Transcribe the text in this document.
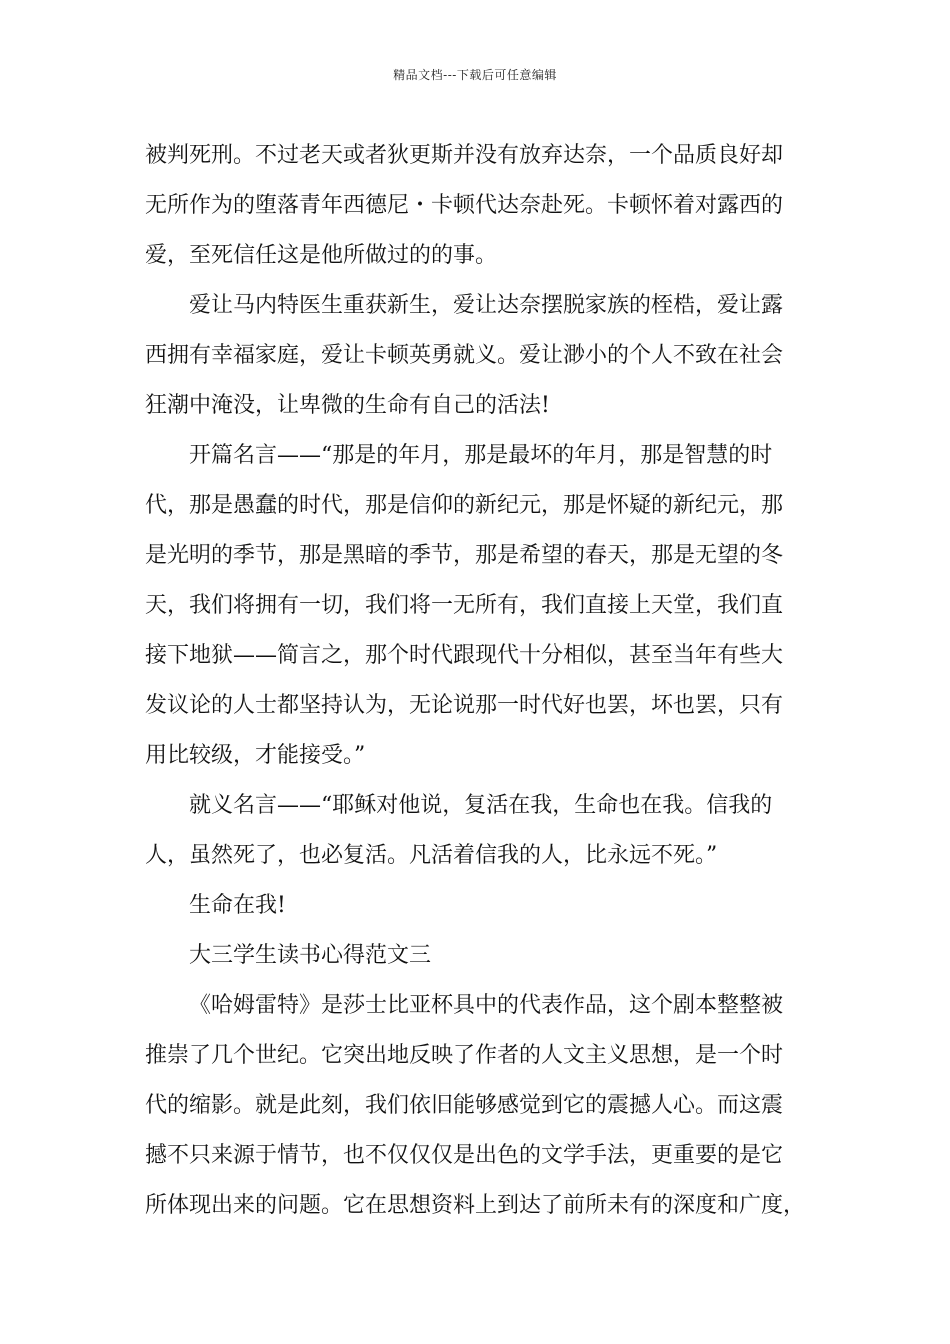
精品文档---下载后可任意编辑
被判死刑。不过老天或者狄更斯并没有放弃达奈，一个品质良好却
无所作为的堕落青年西德尼・卡顿代达奈赴死。卡顿怀着对露西的
爱，至死信任这是他所做过的的事。
爱让马内特医生重获新生，爱让达奈摆脱家族的桎梏，爱让露
西拥有幸福家庭，爱让卡顿英勇就义。爱让渺小的个人不致在社会
狂潮中淹没，让卑微的生命有自己的活法!
开篇名言——“那是的年月，那是最坏的年月，那是智慧的时
代，那是愚蠢的时代，那是信仰的新纪元，那是怀疑的新纪元，那
是光明的季节，那是黑暗的季节，那是希望的春天，那是无望的冬
天，我们将拥有一切，我们将一无所有，我们直接上天堂，我们直
接下地狱——简言之，那个时代跟现代十分相似，甚至当年有些大
发议论的人士都坚持认为，无论说那一时代好也罢，坏也罢，只有
用比较级，才能接受。”
就义名言——“耶稣对他说，复活在我，生命也在我。信我的
人，虽然死了，也必复活。凡活着信我的人，比永远不死。”
生命在我!
大三学生读书心得范文三
《哈姆雷特》是莎士比亚杯具中的代表作品，这个剧本整整被
推崇了几个世纪。它突出地反映了作者的人文主义思想，是一个时
代的缩影。就是此刻，我们依旧能够感觉到它的震撼人心。而这震
撼不只来源于情节，也不仅仅仅是出色的文学手法，更重要的是它
所体现出来的问题。它在思想资料上到达了前所未有的深度和广度，
